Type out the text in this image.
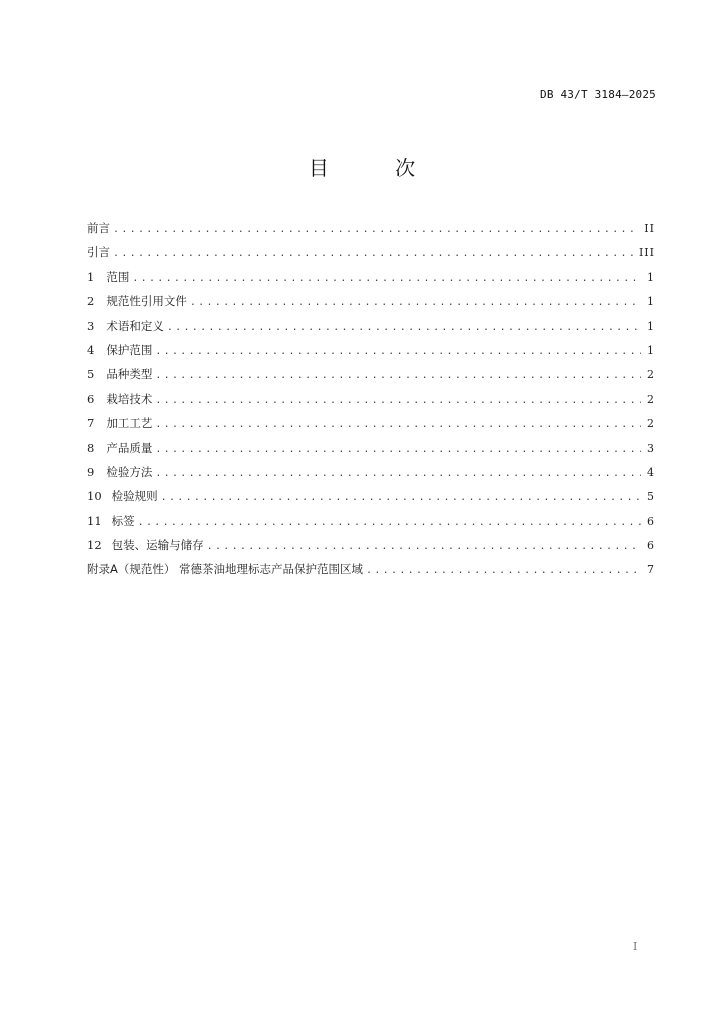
DB 43/T 3184—2025
目 次
前言 .....	II
引言 .....	III
1 范围 .....	1
2 规范性引用文件 .....	1
3 术语和定义 .....	1
4 保护范围 .....	1
5 品种类型 .....	2
6 栽培技术 .....	2
7 加工工艺 .....	2
8 产品质量 .....	3
9 检验方法 .....	4
10 检验规则 .....	5
11 标签 .....	6
12 包装、运输与储存 .....	6
附录A（规范性） 常德茶油地理标志产品保护范围区域 .....	7
I
